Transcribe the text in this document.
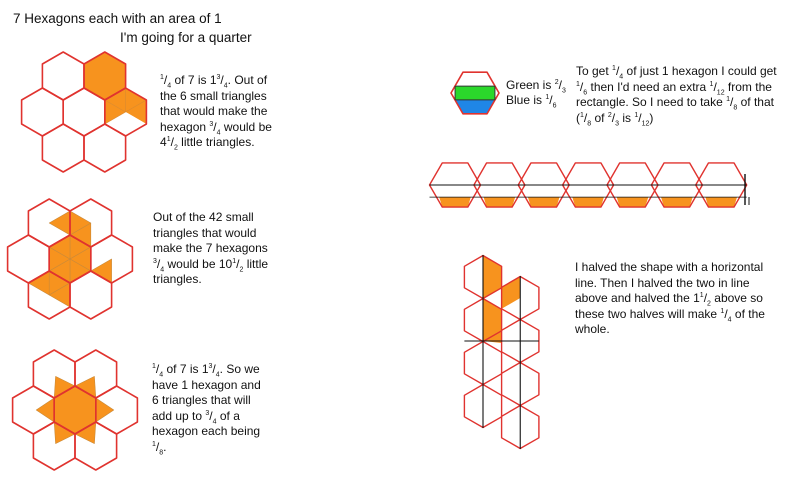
7 Hexagons each with an area of 1
I'm going for a quarter
$^1/_4$ of 7 is $1^3/_4$. Out of the 6 small triangles that would make the hexagon $^3/_4$ would be $4^1/_2$ little triangles.
Out of the 42 small triangles that would make the 7 hexagons $^3/_4$ would be $10^1/_2$ little triangles.
$^1/_4$ of 7 is $1^3/_4$. So we have 1 hexagon and 6 triangles that will add up to $^3/_4$ of a hexagon each being $^1/_8$.
Green is $^2/_3$
Blue is $^1/_6$
To get $^1/_4$ of just 1 hexagon I could get $^1/_6$ then I'd need an extra $^1/_{12}$ from the rectangle. So I need to take $^1/_8$ of that ($^1/_8$ of $^2/_3$ is $^1/_{12}$)
I halved the shape with a horizontal line. Then I halved the two in line above and halved the $1^1/_2$ above so these two halves will make $^1/_4$ of the whole.
